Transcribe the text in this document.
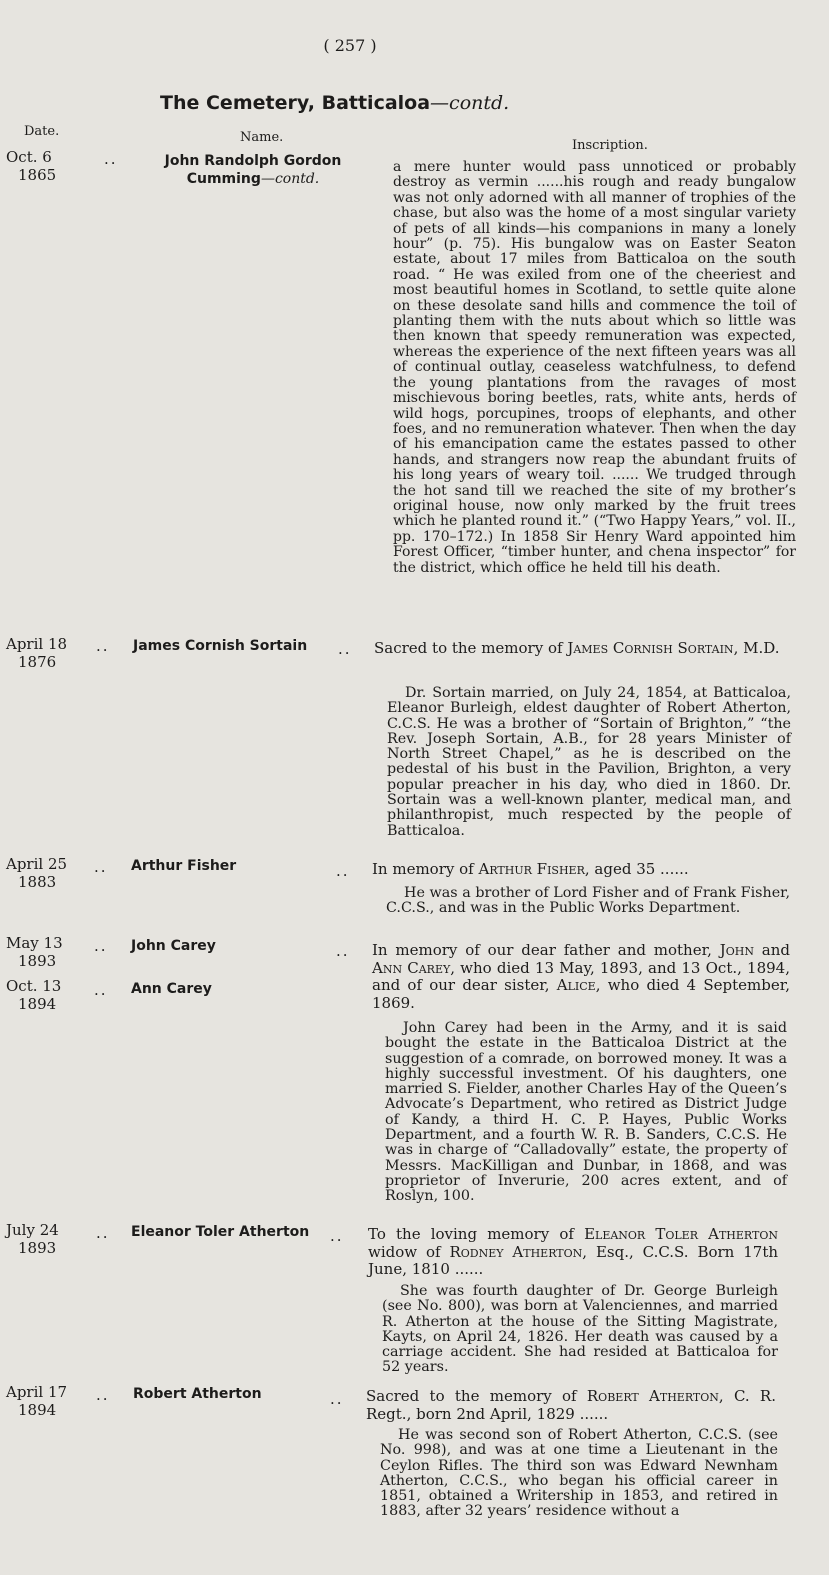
( 257 )
The Cemetery, Batticaloa—contd.
Date.	Name.
Inscription.
Oct. 6
1865
..	John Randolph Gordon
Cumming—contd.
a mere hunter would pass unnoticed or probably destroy as vermin ......his rough and ready bungalow was not only adorned with all manner of trophies of the chase, but also was the home of a most singular variety of pets of all kinds—his companions in many a lonely hour” (p. 75). His bungalow was on Easter Seaton estate, about 17 miles from Batticaloa on the south road. “ He was exiled from one of the cheeriest and most beautiful homes in Scotland, to settle quite alone on these desolate sand hills and commence the toil of planting them with the nuts about which so little was then known that speedy remuneration was expected, whereas the experience of the next fifteen years was all of continual outlay, ceaseless watchfulness, to defend the young plantations from the ravages of most mischievous boring beetles, rats, white ants, herds of wild hogs, porcupines, troops of elephants, and other foes, and no remuneration whatever. Then when the day of his emancipation came the estates passed to other hands, and strangers now reap the abundant fruits of his long years of weary toil. ...... We trudged through the hot sand till we reached the site of my brother’s original house, now only marked by the fruit trees which he planted round it.” (“Two Happy Years,” vol. II., pp. 170–172.) In 1858 Sir Henry Ward appointed him Forest Officer, “timber hunter, and chena inspector” for the district, which office he held till his death.
April 18
1876
.. James Cornish Sortain .. Sacred to the memory of James Cornish Sortain, M.D.
Dr. Sortain married, on July 24, 1854, at Batticaloa, Eleanor Burleigh, eldest daughter of Robert Atherton, C.C.S. He was a brother of “Sortain of Brighton,” “the Rev. Joseph Sortain, A.B., for 28 years Minister of North Street Chapel,” as he is described on the pedestal of his bust in the Pavilion, Brighton, a very popular preacher in his day, who died in 1860. Dr. Sortain was a well-known planter, medical man, and philanthropist, much respected by the people of Batticaloa.
April 25
1883
.. Arthur Fisher	.. In memory of Arthur Fisher, aged 35 ......
He was a brother of Lord Fisher and of Frank Fisher, C.C.S., and was in the Public Works Department.
May 13
1893
.. John Carey
Oct. 13
1894
.. Ann Carey
.. In memory of our dear father and mother, John and Ann Carey, who died 13 May, 1893, and 13 Oct., 1894, and of our dear sister, Alice, who died 4 September, 1869.
John Carey had been in the Army, and it is said bought the estate in the Batticaloa District at the suggestion of a comrade, on borrowed money. It was a highly successful investment. Of his daughters, one married S. Fielder, another Charles Hay of the Queen’s Advocate’s Department, who retired as District Judge of Kandy, a third H. C. P. Hayes, Public Works Department, and a fourth W. R. B. Sanders, C.C.S. He was in charge of “Calladovally” estate, the property of Messrs. MacKilligan and Dunbar, in 1868, and was proprietor of Inverurie, 200 acres extent, and of Roslyn, 100.
July 24
1893
.. Eleanor Toler Atherton .. To the loving memory of Eleanor Toler Atherton widow of Rodney Atherton, Esq., C.C.S. Born 17th June, 1810 ......
She was fourth daughter of Dr. George Burleigh (see No. 800), was born at Valenciennes, and married R. Atherton at the house of the Sitting Magistrate, Kayts, on April 24, 1826. Her death was caused by a carriage accident. She had resided at Batticaloa for 52 years.
April 17
1894
.. Robert Atherton	.. Sacred to the memory of Robert Atherton, C. R. Regt., born 2nd April, 1829 ......
He was second son of Robert Atherton, C.C.S. (see No. 998), and was at one time a Lieutenant in the Ceylon Rifles. The third son was Edward Newnham Atherton, C.C.S., who began his official career in 1851, obtained a Writership in 1853, and retired in 1883, after 32 years’ residence without a
